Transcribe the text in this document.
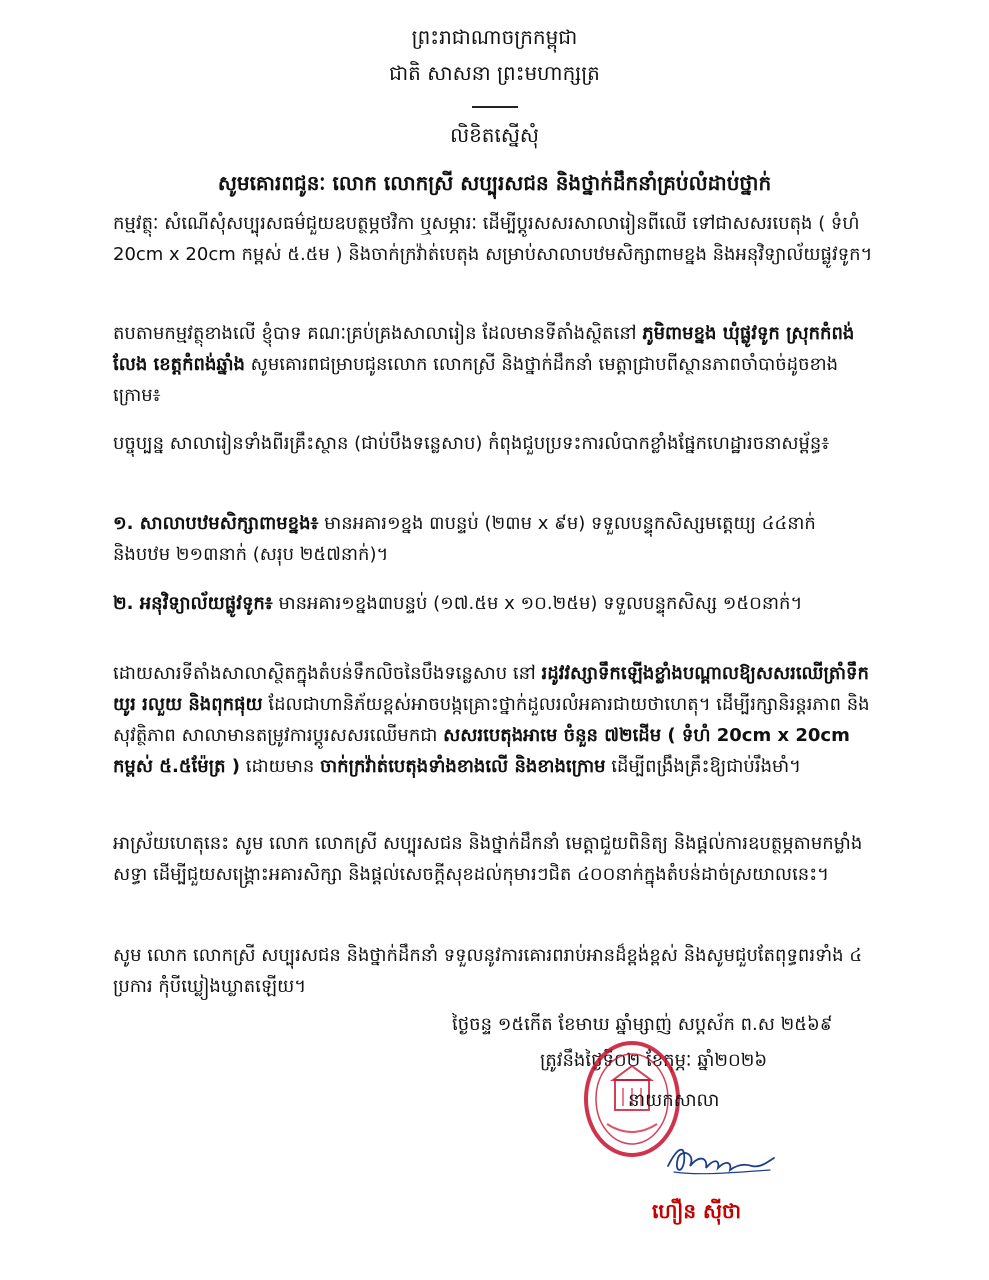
ព្រះរាជាណាចក្រកម្ពុជា
ជាតិ សាសនា ព្រះមហាក្សត្រ
លិខិតស្នើសុំ
សូមគោរពជូនៈ លោក លោកស្រី សប្បុរសជន និងថ្នាក់ដឹកនាំគ្រប់លំដាប់ថ្នាក់

កម្មវត្ថុៈ សំណើសុំសប្បុរសធម៌ជួយឧបត្ថម្ភថវិកា ឬសម្ភារៈ ដើម្បីប្ដូរសសរសាលារៀនពីឈើ ទៅជាសសរបេតុង ( ទំហំ 20cm x 20cm កម្ពស់ ៥.៥ម ) និងចាក់ក្រវ៉ាត់បេតុង សម្រាប់សាលាបឋមសិក្សាពាមខ្នង និងអនុវិទ្យាល័យផ្លូវទូក។

តបតាមកម្មវត្ថុខាងលើ ខ្ញុំបាទ គណៈគ្រប់គ្រងសាលារៀន ដែលមានទីតាំងស្ថិតនៅ ភូមិពាមខ្នង ឃុំផ្លូវទូក ស្រុកកំពង់លែង ខេត្តកំពង់ឆ្នាំង សូមគោរពជម្រាបជូនលោក លោកស្រី និងថ្នាក់ដឹកនាំ មេត្តាជ្រាបពីស្ថានភាពចាំបាច់ដូចខាងក្រោម៖

បច្ចុប្បន្ន សាលារៀនទាំងពីរគ្រឹះស្ថាន (ជាប់បឹងទន្លេសាប) កំពុងជួបប្រទះការលំបាកខ្លាំងផ្នែកហេដ្ឋារចនាសម្ព័ន្ធ៖

១. សាលាបឋមសិក្សាពាមខ្នង៖ មានអគារ១ខ្នង ៣បន្ទប់ (២៣ម x ៩ម) ទទួលបន្ទុកសិស្សមត្តេយ្យ ៤៤នាក់ និងបឋម ២១៣នាក់ (សរុប ២៥៧នាក់)។

២. អនុវិទ្យាល័យផ្លូវទូក៖ មានអគារ១ខ្នង៣បន្ទប់ (១៧.៥ម x ១០.២៥ម) ទទួលបន្ទុកសិស្ស ១៥០នាក់។

ដោយសារទីតាំងសាលាស្ថិតក្នុងតំបន់ទឹកលិចនៃបឹងទន្លេសាប នៅ រដូវវស្សាទឹកឡើងខ្លាំងបណ្ដាលឱ្យសសរឈើត្រាំទឹកយូរ រលួយ និងពុកផុយ ដែលជាហានិភ័យខ្ពស់អាចបង្កគ្រោះថ្នាក់ដួលរលំអគារជាយថាហេតុ។ ដើម្បីរក្សានិរន្តរភាព និងសុវត្ថិភាព សាលាមានតម្រូវការប្ដូរសសរឈើមកជា សសរបេតុងអាមេ ចំនួន ៧២ដើម ( ទំហំ 20cm x 20cm កម្ពស់ ៥.៥ម៉ែត្រ ) ដោយមាន ចាក់ក្រវ៉ាត់បេតុងទាំងខាងលើ និងខាងក្រោម ដើម្បីពង្រឹងគ្រឹះឱ្យជាប់រឹងមាំ។

អាស្រ័យហេតុនេះ សូម លោក លោកស្រី សប្បុរសជន និងថ្នាក់ដឹកនាំ មេត្តាជួយពិនិត្យ និងផ្ដល់ការឧបត្ថម្ភតាមកម្លាំងសទ្ធា ដើម្បីជួយសង្គ្រោះអគារសិក្សា និងផ្ដល់សេចក្ដីសុខដល់កុមារៗជិត ៤០០នាក់ក្នុងតំបន់ដាច់ស្រយាលនេះ។

សូម លោក លោកស្រី សប្បុរសជន និងថ្នាក់ដឹកនាំ ទទួលនូវការគោរពរាប់អានដ៏ខ្ពង់ខ្ពស់ និងសូមជួបតែពុទ្ធពរទាំង ៤ ប្រការ កុំបីឃ្លៀងឃ្លាតឡើយ។

ថ្ងៃចន្ទ ១៥កើត ខែមាឃ ឆ្នាំម្សាញ់ សប្តស័ក ព.ស ២៥៦៩
ត្រូវនឹងថ្ងៃទី០២ ខែកុម្ភៈ ឆ្នាំ២០២៦
នាយកសាលា
ហឿន ស៊ីថា
